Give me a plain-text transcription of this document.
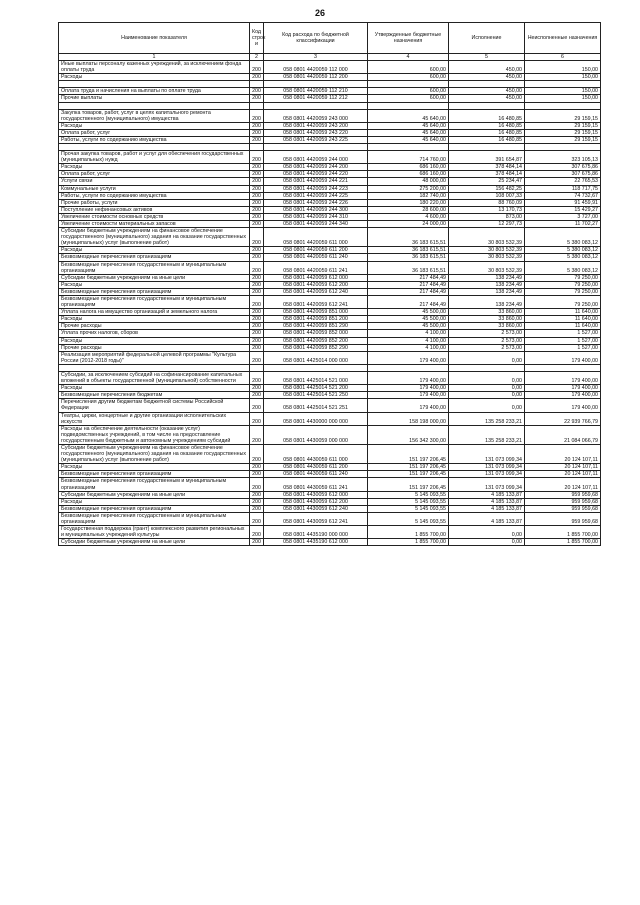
26
Наименование показателя	Код строк и	Код расхода по бюджетной классификации	Утвержденные бюджетные назначения	Исполнение	Неисполненные назначения
1	2	3	4	5	6
Иные выплаты персоналу казенных учреждений, за исключением фонда оплаты труда	200	058 0801 4420059 112 000	600,00	450,00	150,00
Расходы	200	058 0801 4420059 112 200	600,00	450,00	150,00

Оплата труда и начисления на выплаты по оплате труда	200	058 0801 4420059 112 210	600,00	450,00	150,00
Прочие выплаты	200	058 0801 4420059 112 212	600,00	450,00	150,00

Закупка товаров, работ, услуг в целях капитального ремонта государственного (муниципального) имущества	200	058 0801 4420059 243 000	45 640,00	16 480,85	29 159,15
Расходы	200	058 0801 4420059 243 200	45 640,00	16 480,85	29 159,15
Оплата работ, услуг	200	058 0801 4420059 243 220	45 640,00	16 480,85	29 159,15
Работы, услуги по содержанию имущества	200	058 0801 4420059 243 225	45 640,00	16 480,85	29 159,15

Прочая закупка товаров, работ и услуг для обеспечения государственных (муниципальных) нужд	200	058 0801 4420059 244 000	714 760,00	391 654,87	323 105,13
Расходы	200	058 0801 4420059 244 200	686 160,00	378 484,14	307 675,86
Оплата работ, услуг	200	058 0801 4420059 244 220	686 160,00	378 484,14	307 675,86
Услуги связи	200	058 0801 4420059 244 221	48 000,00	25 234,47	22 765,53
Коммунальные услуги	200	058 0801 4420059 244 223	275 200,00	156 482,25	118 717,75
Работы, услуги по содержанию имущества	200	058 0801 4420059 244 225	182 740,00	108 007,33	74 732,67
Прочие работы, услуги	200	058 0801 4420059 244 226	180 220,00	88 760,09	91 459,91
Поступление нефинансовых активов	200	058 0801 4420059 244 300	28 600,00	13 170,73	15 429,27
Увеличение стоимости основных средств	200	058 0801 4420059 244 310	4 600,00	873,00	3 727,00
Увеличение стоимости материальных запасов	200	058 0801 4420059 244 340	24 000,00	12 297,73	11 702,27
Субсидии бюджетным учреждениям на финансовое обеспечение государственного (муниципального) задания на оказание государственных (муниципальных) услуг (выполнение работ)	200	058 0801 4420059 611 000	36 183 615,51	30 803 532,39	5 380 083,12
Расходы	200	058 0801 4420059 611 200	36 183 615,51	30 803 532,39	5 380 083,12
Безвозмездные перечисления организациям	200	058 0801 4420059 611 240	36 183 615,51	30 803 532,39	5 380 083,12
Безвозмездные перечисления государственным и муниципальным организациям	200	058 0801 4420059 611 241	36 183 615,51	30 803 532,39	5 380 083,12
Субсидии бюджетным учреждениям на иные цели	200	058 0801 4420059 612 000	217 484,49	138 234,49	79 250,00
Расходы	200	058 0801 4420059 612 200	217 484,49	138 234,49	79 250,00
Безвозмездные перечисления организациям	200	058 0801 4420059 612 240	217 484,49	138 234,49	79 250,00
Безвозмездные перечисления государственным и муниципальным организациям	200	058 0801 4420059 612 241	217 484,49	138 234,49	79 250,00
Уплата налога на имущество организаций и земельного налога	200	058 0801 4420059 851 000	45 500,00	33 860,00	11 640,00
Расходы	200	058 0801 4420059 851 200	45 500,00	33 860,00	11 640,00
Прочие расходы	200	058 0801 4420059 851 290	45 500,00	33 860,00	11 640,00
Уплата прочих налогов, сборов	200	058 0801 4420059 852 000	4 100,00	2 573,00	1 527,00
Расходы	200	058 0801 4420059 852 200	4 100,00	2 573,00	1 527,00
Прочие расходы	200	058 0801 4420059 852 290	4 100,00	2 573,00	1 527,00
Реализация мероприятий федеральной целевой программы "Культура России (2012-2018 годы)"	200	058 0801 4425014 000 000	179 400,00	0,00	179 400,00

Субсидии, за исключением субсидий на софинансирование капитальных вложений в объекты государственной (муниципальной) собственности	200	058 0801 4425014 521 000	179 400,00	0,00	179 400,00
Расходы	200	058 0801 4425014 521 200	179 400,00	0,00	179 400,00
Безвозмездные перечисления бюджетам	200	058 0801 4425014 521 250	179 400,00	0,00	179 400,00
Перечисления другим бюджетам бюджетной системы Российской Федерации	200	058 0801 4425014 521 251	179 400,00	0,00	179 400,00
Театры, цирки, концертные и другие организации исполнительских искусств	200	058 0801 4430000 000 000	158 198 000,00	135 258 233,21	22 939 766,79
Расходы на обеспечение деятельности (оказание услуг) подведомственных учреждений, в том числе на предоставление государственным бюджетным и автономным учреждениям субсидий	200	058 0801 4430059 000 000	156 342 300,00	135 258 233,21	21 084 066,79
Субсидии бюджетным учреждениям на финансовое обеспечение государственного (муниципального) задания на оказание государственных (муниципальных) услуг (выполнение работ)	200	058 0801 4430059 611 000	151 197 206,45	131 073 099,34	20 124 107,11
Расходы	200	058 0801 4430059 611 200	151 197 206,45	131 073 099,34	20 124 107,11
Безвозмездные перечисления организациям	200	058 0801 4430059 611 240	151 197 206,45	131 073 099,34	20 124 107,11
Безвозмездные перечисления государственным и муниципальным организациям	200	058 0801 4430059 611 241	151 197 206,45	131 073 099,34	20 124 107,11
Субсидии бюджетным учреждениям на иные цели	200	058 0801 4430059 612 000	5 145 093,55	4 185 133,87	959 959,68
Расходы	200	058 0801 4430059 612 200	5 145 093,55	4 185 133,87	959 959,68
Безвозмездные перечисления организациям	200	058 0801 4430059 612 240	5 145 093,55	4 185 133,87	959 959,68
Безвозмездные перечисления государственным и муниципальным организациям	200	058 0801 4430059 612 241	5 145 093,55	4 185 133,87	959 959,68
Государственная поддержка (грант) комплексного развития региональных и муниципальных учреждений культуры	200	058 0801 4435190 000 000	1 855 700,00	0,00	1 855 700,00
Субсидии бюджетным учреждениям на иные цели	200	058 0801 4435190 612 000	1 855 700,00	0,00	1 855 700,00
